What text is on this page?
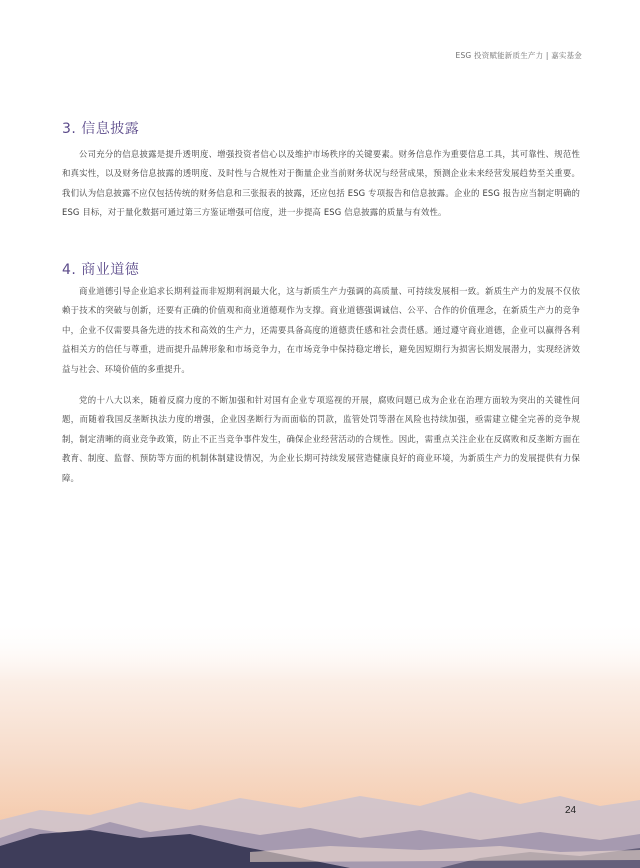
ESG 投资赋能新质生产力 | 嘉实基金
3. 信息披露

公司充分的信息披露是提升透明度、增强投资者信心以及维护市场秩序的关键要素。财务信息作为重要信息工具，其可靠性、规范性和真实性，以及财务信息披露的透明度、及时性与合规性对于衡量企业当前财务状况与经营成果，预测企业未来经营发展趋势至关重要。我们认为信息披露不应仅包括传统的财务信息和三张报表的披露，还应包括 ESG 专项报告和信息披露。企业的 ESG 报告应当制定明确的 ESG 目标，对于量化数据可通过第三方鉴证增强可信度，进一步提高 ESG 信息披露的质量与有效性。

4. 商业道德

商业道德引导企业追求长期利益而非短期利润最大化，这与新质生产力强调的高质量、可持续发展相一致。新质生产力的发展不仅依赖于技术的突破与创新，还要有正确的价值观和商业道德观作为支撑。商业道德强调诚信、公平、合作的价值理念，在新质生产力的竞争中，企业不仅需要具备先进的技术和高效的生产力，还需要具备高度的道德责任感和社会责任感。通过遵守商业道德，企业可以赢得各利益相关方的信任与尊重，进而提升品牌形象和市场竞争力，在市场竞争中保持稳定增长，避免因短期行为损害长期发展潜力，实现经济效益与社会、环境价值的多重提升。

党的十八大以来，随着反腐力度的不断加强和针对国有企业专项巡视的开展，腐败问题已成为企业在治理方面较为突出的关键性问题，而随着我国反垄断执法力度的增强，企业因垄断行为而面临的罚款，监管处罚等潜在风险也持续加强，亟需建立健全完善的竞争规制，制定清晰的商业竞争政策，防止不正当竞争事件发生，确保企业经营活动的合规性。因此，需重点关注企业在反腐败和反垄断方面在教育、制度、监督、预防等方面的机制体制建设情况，为企业长期可持续发展营造健康良好的商业环境，为新质生产力的发展提供有力保障。

24
